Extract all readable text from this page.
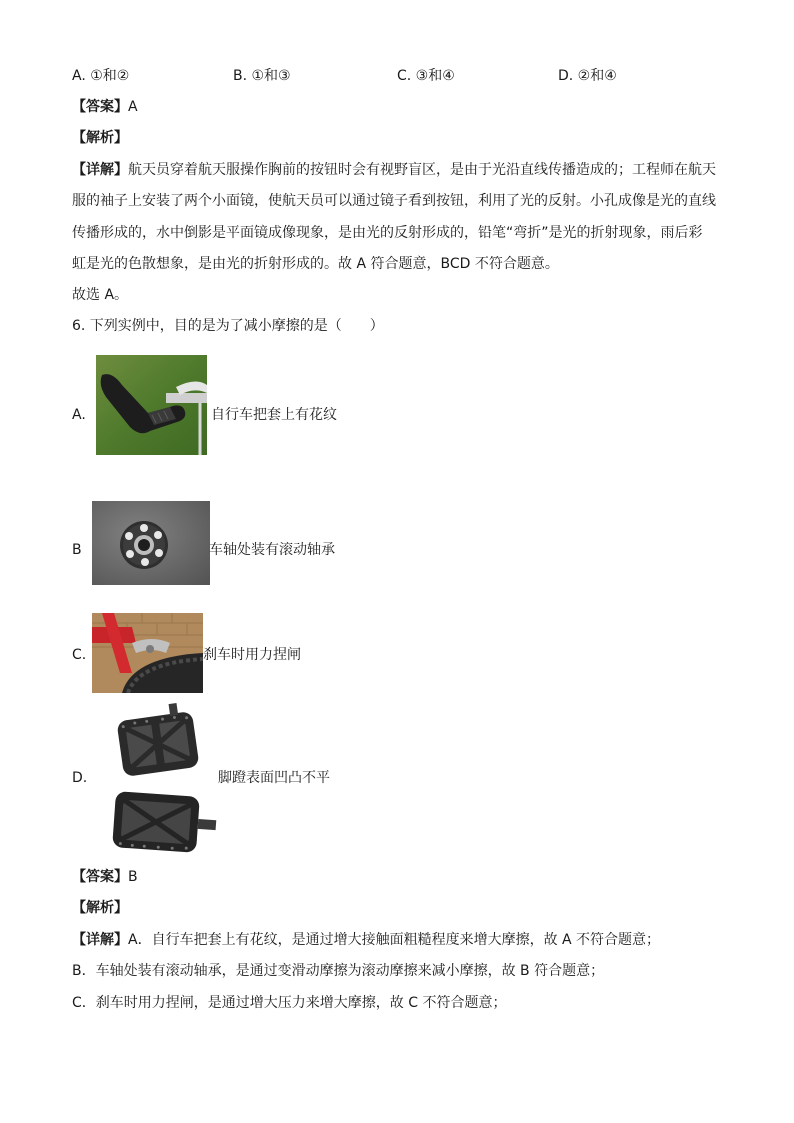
A. ①和②	B. ①和③	C. ③和④	D. ②和④
【答案】A
【解析】
【详解】航天员穿着航天服操作胸前的按钮时会有视野盲区，是由于光沿直线传播造成的；工程师在航天
服的袖子上安装了两个小面镜，使航天员可以通过镜子看到按钮，利用了光的反射。小孔成像是光的直线
传播形成的，水中倒影是平面镜成像现象，是由光的反射形成的，铅笔“弯折”是光的折射现象，雨后彩
虹是光的色散想象，是由光的折射形成的。故 A 符合题意，BCD 不符合题意。
故选 A。
6. 下列实例中，目的是为了减小摩擦的是（　　）
A.	自行车把套上有花纹
B	车轴处装有滚动轴承
C.	刹车时用力捏闸
D.	脚蹬表面凹凸不平
【答案】B
【解析】
【详解】A．自行车把套上有花纹，是通过增大接触面粗糙程度来增大摩擦，故 A 不符合题意；
B．车轴处装有滚动轴承，是通过变滑动摩擦为滚动摩擦来减小摩擦，故 B 符合题意；
C．刹车时用力捏闸，是通过增大压力来增大摩擦，故 C 不符合题意；
